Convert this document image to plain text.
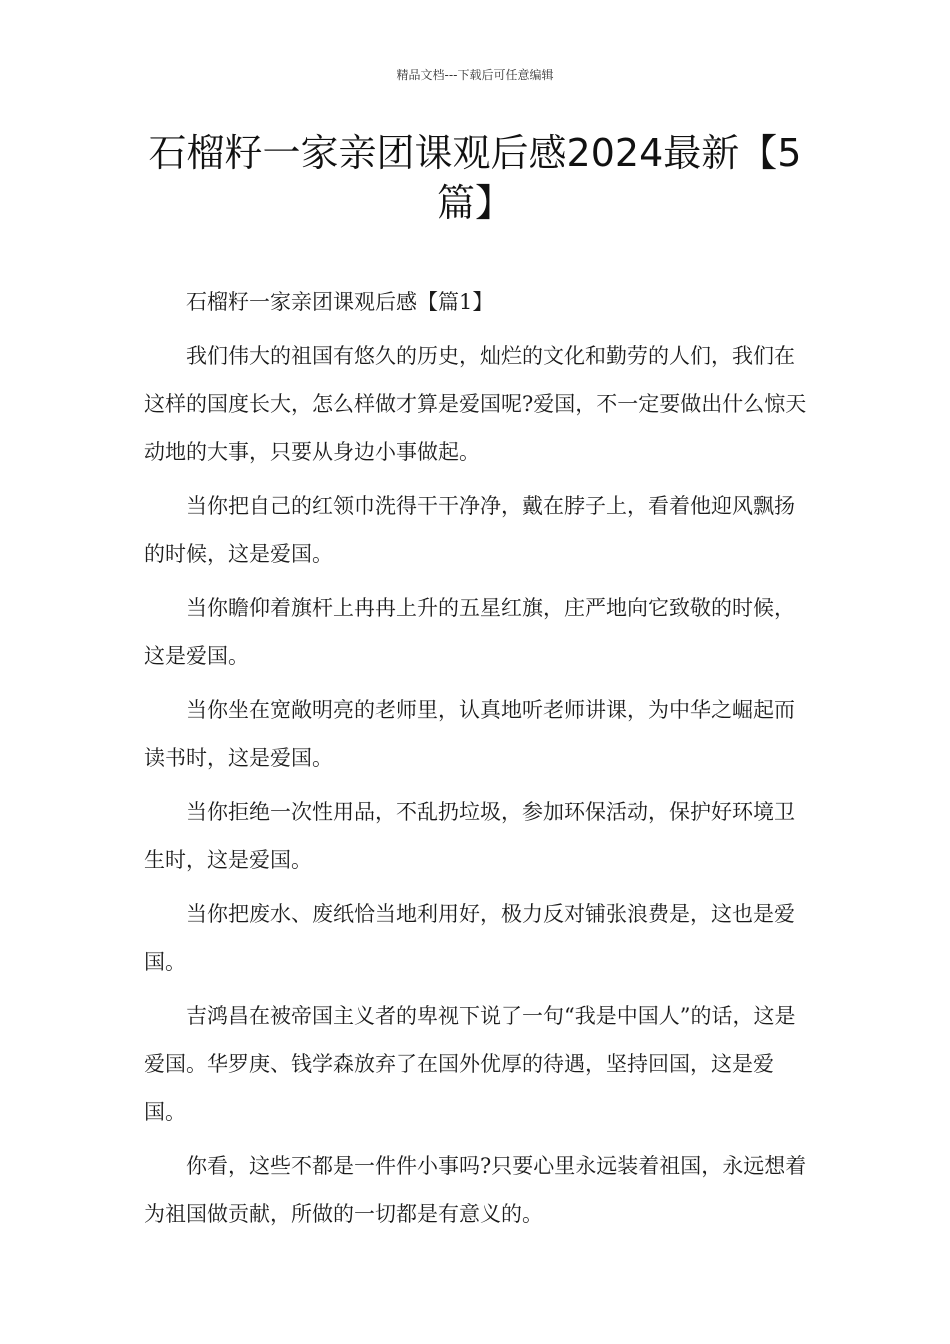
精品文档---下载后可任意编辑
石榴籽一家亲团课观后感2024最新【5篇】

石榴籽一家亲团课观后感【篇1】

我们伟大的祖国有悠久的历史，灿烂的文化和勤劳的人们，我们在这样的国度长大，怎么样做才算是爱国呢?爱国，不一定要做出什么惊天动地的大事，只要从身边小事做起。

当你把自己的红领巾洗得干干净净，戴在脖子上，看着他迎风飘扬的时候，这是爱国。

当你瞻仰着旗杆上冉冉上升的五星红旗，庄严地向它致敬的时候，这是爱国。

当你坐在宽敞明亮的老师里，认真地听老师讲课，为中华之崛起而读书时，这是爱国。

当你拒绝一次性用品，不乱扔垃圾，参加环保活动，保护好环境卫生时，这是爱国。

当你把废水、废纸恰当地利用好，极力反对铺张浪费是，这也是爱国。

吉鸿昌在被帝国主义者的卑视下说了一句“我是中国人”的话，这是爱国。华罗庚、钱学森放弃了在国外优厚的待遇，坚持回国，这是爱国。

你看，这些不都是一件件小事吗?只要心里永远装着祖国，永远想着为祖国做贡献，所做的一切都是有意义的。
